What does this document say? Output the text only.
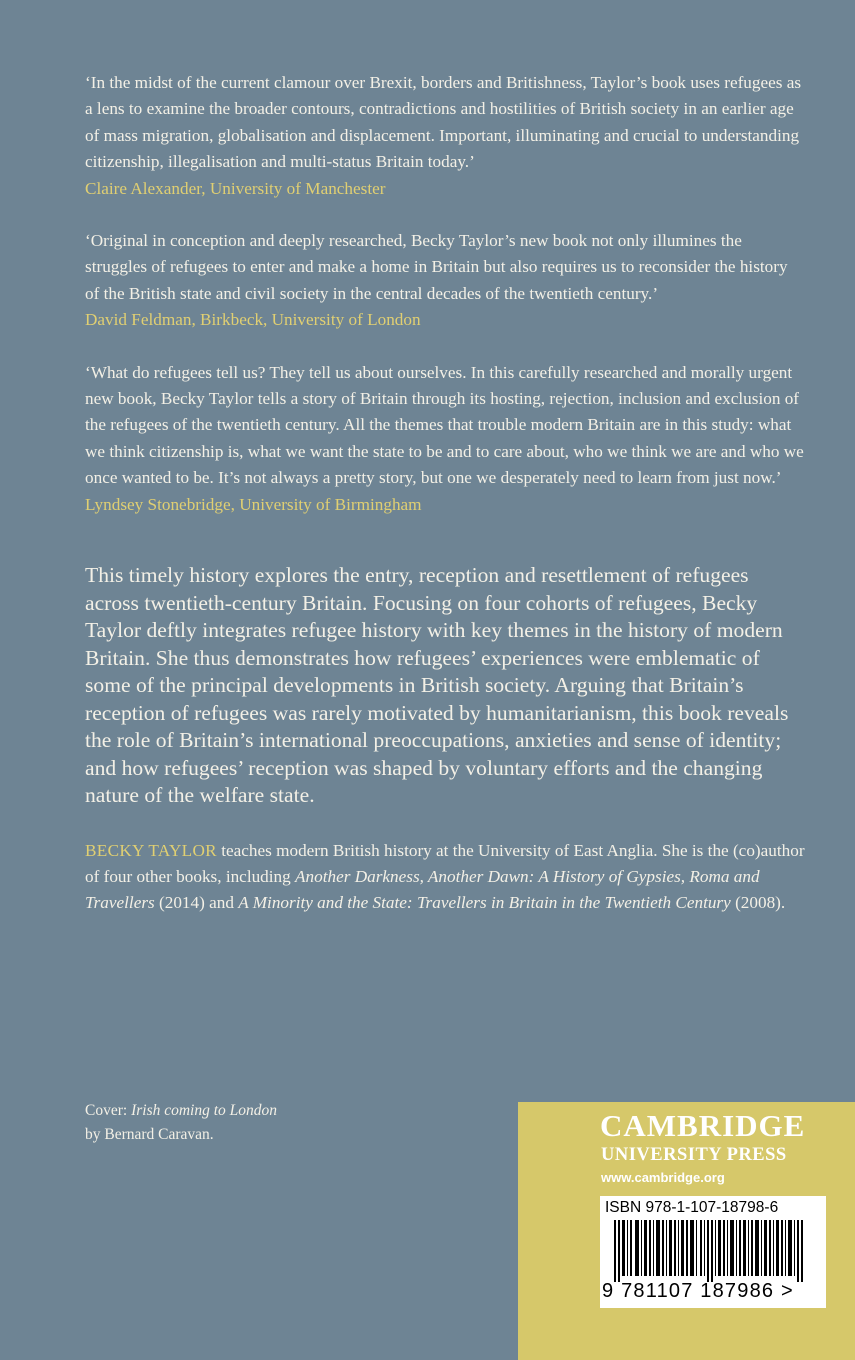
‘In the midst of the current clamour over Brexit, borders and Britishness, Taylor’s book uses refugees as a lens to examine the broader contours, contradictions and hostilities of British society in an earlier age of mass migration, globalisation and displacement. Important, illuminating and crucial to understanding citizenship, illegalisation and multi-status Britain today.’
Claire Alexander, University of Manchester
‘Original in conception and deeply researched, Becky Taylor’s new book not only illumines the struggles of refugees to enter and make a home in Britain but also requires us to reconsider the history of the British state and civil society in the central decades of the twentieth century.’
David Feldman, Birkbeck, University of London
‘What do refugees tell us? They tell us about ourselves. In this carefully researched and morally urgent new book, Becky Taylor tells a story of Britain through its hosting, rejection, inclusion and exclusion of the refugees of the twentieth century. All the themes that trouble modern Britain are in this study: what we think citizenship is, what we want the state to be and to care about, who we think we are and who we once wanted to be. It’s not always a pretty story, but one we desperately need to learn from just now.’
Lyndsey Stonebridge, University of Birmingham
This timely history explores the entry, reception and resettlement of refugees across twentieth-century Britain. Focusing on four cohorts of refugees, Becky Taylor deftly integrates refugee history with key themes in the history of modern Britain. She thus demonstrates how refugees’ experiences were emblematic of some of the principal developments in British society. Arguing that Britain’s reception of refugees was rarely motivated by humanitarianism, this book reveals the role of Britain’s international preoccupations, anxieties and sense of identity; and how refugees’ reception was shaped by voluntary efforts and the changing nature of the welfare state.
BECKY TAYLOR teaches modern British history at the University of East Anglia. She is the (co)author of four other books, including Another Darkness, Another Dawn: A History of Gypsies, Roma and Travellers (2014) and A Minority and the State: Travellers in Britain in the Twentieth Century (2008).
Cover: Irish coming to London
by Bernard Caravan.	CAMBRIDGE
UNIVERSITY PRESS
www.cambridge.org
ISBN 978-1-107-18798-6
9 781107 187986 >
